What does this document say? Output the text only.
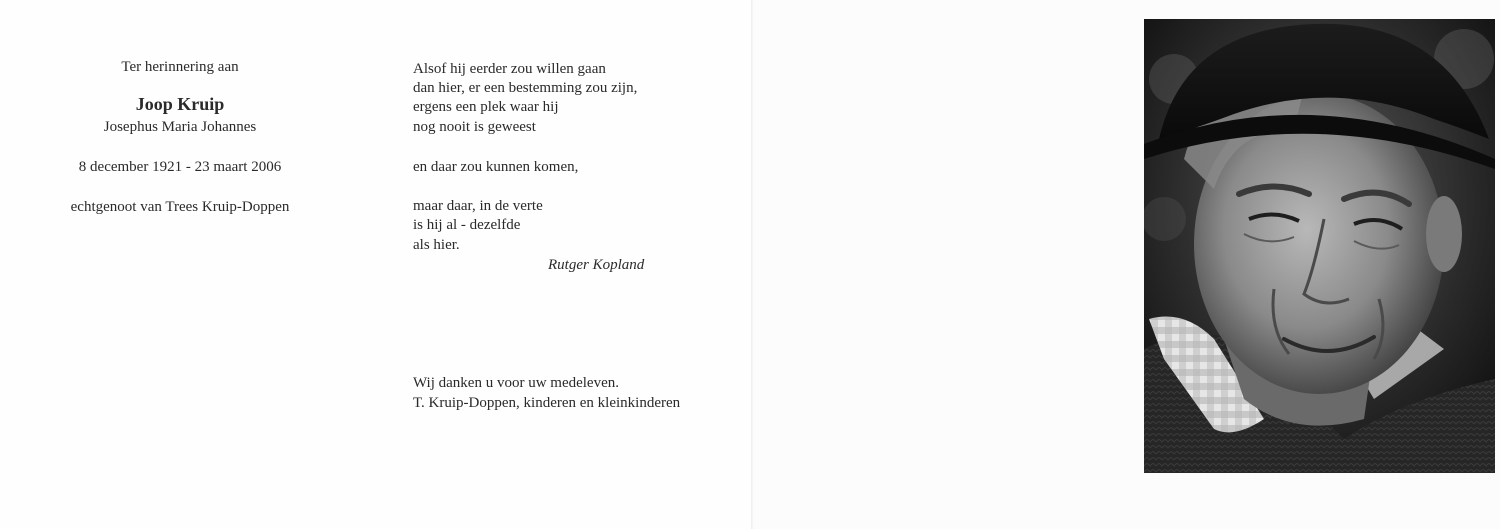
Ter herinnering aan
Joop Kruip
Josephus Maria Johannes
8 december 1921 - 23 maart 2006
echtgenoot van Trees Kruip-Doppen
Alsof hij eerder zou willen gaan
dan hier, er een bestemming zou zijn,
ergens een plek waar hij
nog nooit is geweest
en daar zou kunnen komen,
maar daar, in de verte
is hij al - dezelfde
als hier.
Rutger Kopland
Wij danken u voor uw medeleven.
T. Kruip-Doppen, kinderen en kleinkinderen
